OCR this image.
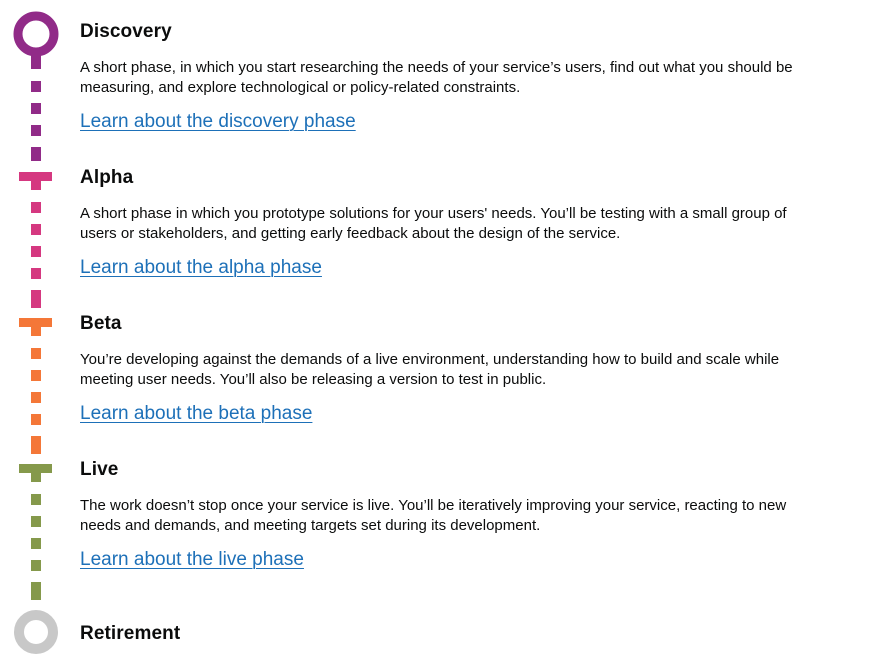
Discovery

A short phase, in which you start researching the needs of your service’s users, find out what you should be measuring, and explore technological or policy-related constraints.

Learn about the discovery phase
Alpha

A short phase in which you prototype solutions for your users' needs. You’ll be testing with a small group of users or stakeholders, and getting early feedback about the design of the service.

Learn about the alpha phase
Beta

You’re developing against the demands of a live environment, understanding how to build and scale while meeting user needs. You’ll also be releasing a version to test in public.

Learn about the beta phase
Live

The work doesn’t stop once your service is live. You’ll be iteratively improving your service, reacting to new needs and demands, and meeting targets set during its development.

Learn about the live phase
Retirement
